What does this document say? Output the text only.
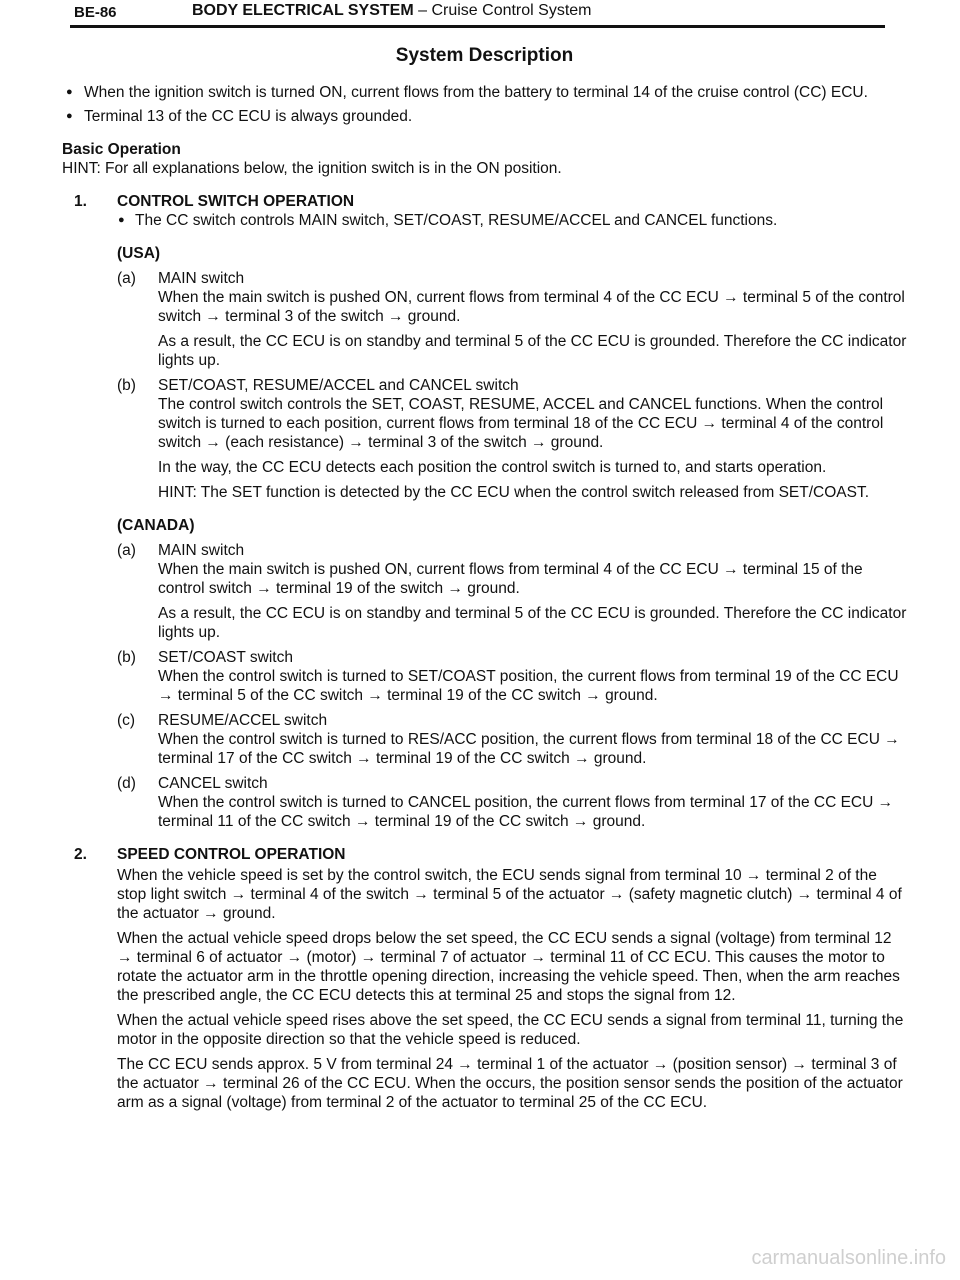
BE-86	BODY ELECTRICAL SYSTEM – Cruise Control System
System Description

● When the ignition switch is turned ON, current flows from the battery to terminal 14 of the cruise control (CC) ECU.

● Terminal 13 of the CC ECU is always grounded.

Basic Operation

HINT: For all explanations below, the ignition switch is in the ON position.

1. CONTROL SWITCH OPERATION

● The CC switch controls MAIN switch, SET/COAST, RESUME/ACCEL and CANCEL functions.

(USA)

(a) MAIN switch

When the main switch is pushed ON, current flows from terminal 4 of the CC ECU → terminal 5 of the control switch → terminal 3 of the switch → ground.

As a result, the CC ECU is on standby and terminal 5 of the CC ECU is grounded. Therefore the CC indicator lights up.

(b) SET/COAST, RESUME/ACCEL and CANCEL switch

The control switch controls the SET, COAST, RESUME, ACCEL and CANCEL functions. When the control switch is turned to each position, current flows from terminal 18 of the CC ECU → terminal 4 of the control switch → (each resistance) → terminal 3 of the switch → ground.

In the way, the CC ECU detects each position the control switch is turned to, and starts operation.

HINT: The SET function is detected by the CC ECU when the control switch released from SET/COAST.

(CANADA)

(a) MAIN switch

When the main switch is pushed ON, current flows from terminal 4 of the CC ECU → terminal 15 of the control switch → terminal 19 of the switch → ground.

As a result, the CC ECU is on standby and terminal 5 of the CC ECU is grounded. Therefore the CC indicator lights up.

(b) SET/COAST switch

When the control switch is turned to SET/COAST position, the current flows from terminal 19 of the CC ECU → terminal 5 of the CC switch → terminal 19 of the CC switch → ground.

(c) RESUME/ACCEL switch

When the control switch is turned to RES/ACC position, the current flows from terminal 18 of the CC ECU → terminal 17 of the CC switch → terminal 19 of the CC switch → ground.

(d) CANCEL switch

When the control switch is turned to CANCEL position, the current flows from terminal 17 of the CC ECU → terminal 11 of the CC switch → terminal 19 of the CC switch → ground.

2. SPEED CONTROL OPERATION

When the vehicle speed is set by the control switch, the ECU sends signal from terminal 10 → terminal 2 of the stop light switch → terminal 4 of the switch → terminal 5 of the actuator → (safety magnetic clutch) → terminal 4 of the actuator → ground.

When the actual vehicle speed drops below the set speed, the CC ECU sends a signal (voltage) from terminal 12 → terminal 6 of actuator → (motor) → terminal 7 of actuator → terminal 11 of CC ECU. This causes the motor to rotate the actuator arm in the throttle opening direction, increasing the vehicle speed. Then, when the arm reaches the prescribed angle, the CC ECU detects this at terminal 25 and stops the signal from 12.

When the actual vehicle speed rises above the set speed, the CC ECU sends a signal from terminal 11, turning the motor in the opposite direction so that the vehicle speed is reduced.

The CC ECU sends approx. 5 V from terminal 24 → terminal 1 of the actuator → (position sensor) → terminal 3 of the actuator → terminal 26 of the CC ECU. When the occurs, the position sensor sends the position of the actuator arm as a signal (voltage) from terminal 2 of the actuator to terminal 25 of the CC ECU.

carmanualsonline.info
